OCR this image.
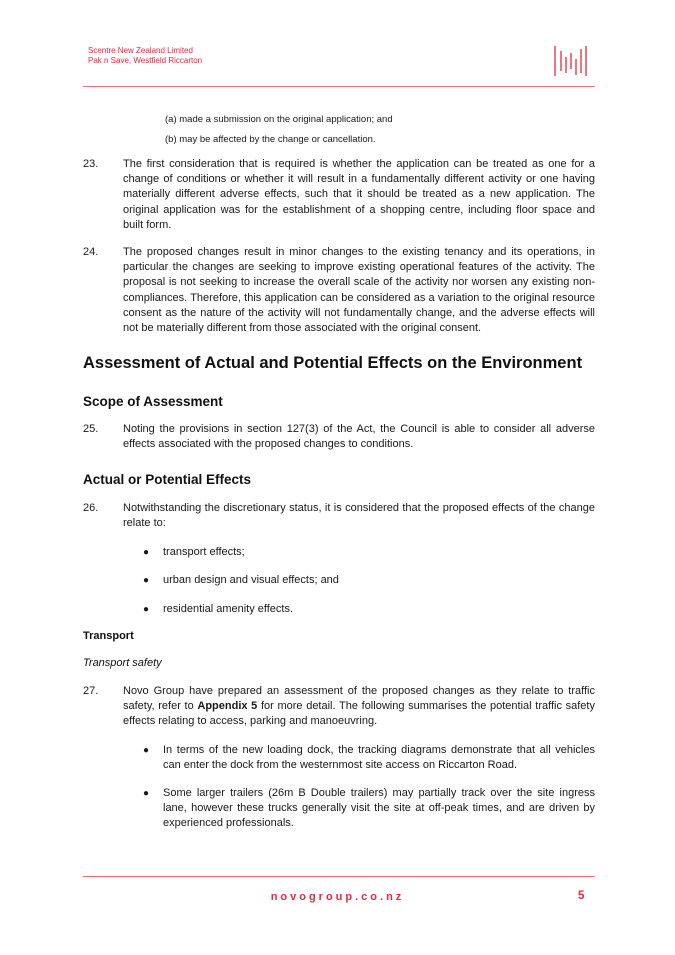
Scentre New Zealand Limited
Pak n Save, Westfield Riccarton
(a) made a submission on the original application; and
(b) may be affected by the change or cancellation.
23. The first consideration that is required is whether the application can be treated as one for a change of conditions or whether it will result in a fundamentally different activity or one having materially different adverse effects, such that it should be treated as a new application. The original application was for the establishment of a shopping centre, including floor space and built form.
24. The proposed changes result in minor changes to the existing tenancy and its operations, in particular the changes are seeking to improve existing operational features of the activity. The proposal is not seeking to increase the overall scale of the activity nor worsen any existing non-compliances. Therefore, this application can be considered as a variation to the original resource consent as the nature of the activity will not fundamentally change, and the adverse effects will not be materially different from those associated with the original consent.
Assessment of Actual and Potential Effects on the Environment
Scope of Assessment
25. Noting the provisions in section 127(3) of the Act, the Council is able to consider all adverse effects associated with the proposed changes to conditions.
Actual or Potential Effects
26. Notwithstanding the discretionary status, it is considered that the proposed effects of the change relate to:
● transport effects;
● urban design and visual effects; and
● residential amenity effects.
Transport
Transport safety
27. Novo Group have prepared an assessment of the proposed changes as they relate to traffic safety, refer to Appendix 5 for more detail. The following summarises the potential traffic safety effects relating to access, parking and manoeuvring.
● In terms of the new loading dock, the tracking diagrams demonstrate that all vehicles can enter the dock from the westernmost site access on Riccarton Road.
● Some larger trailers (26m B Double trailers) may partially track over the site ingress lane, however these trucks generally visit the site at off-peak times, and are driven by experienced professionals.
novogroup.co.nz	5
